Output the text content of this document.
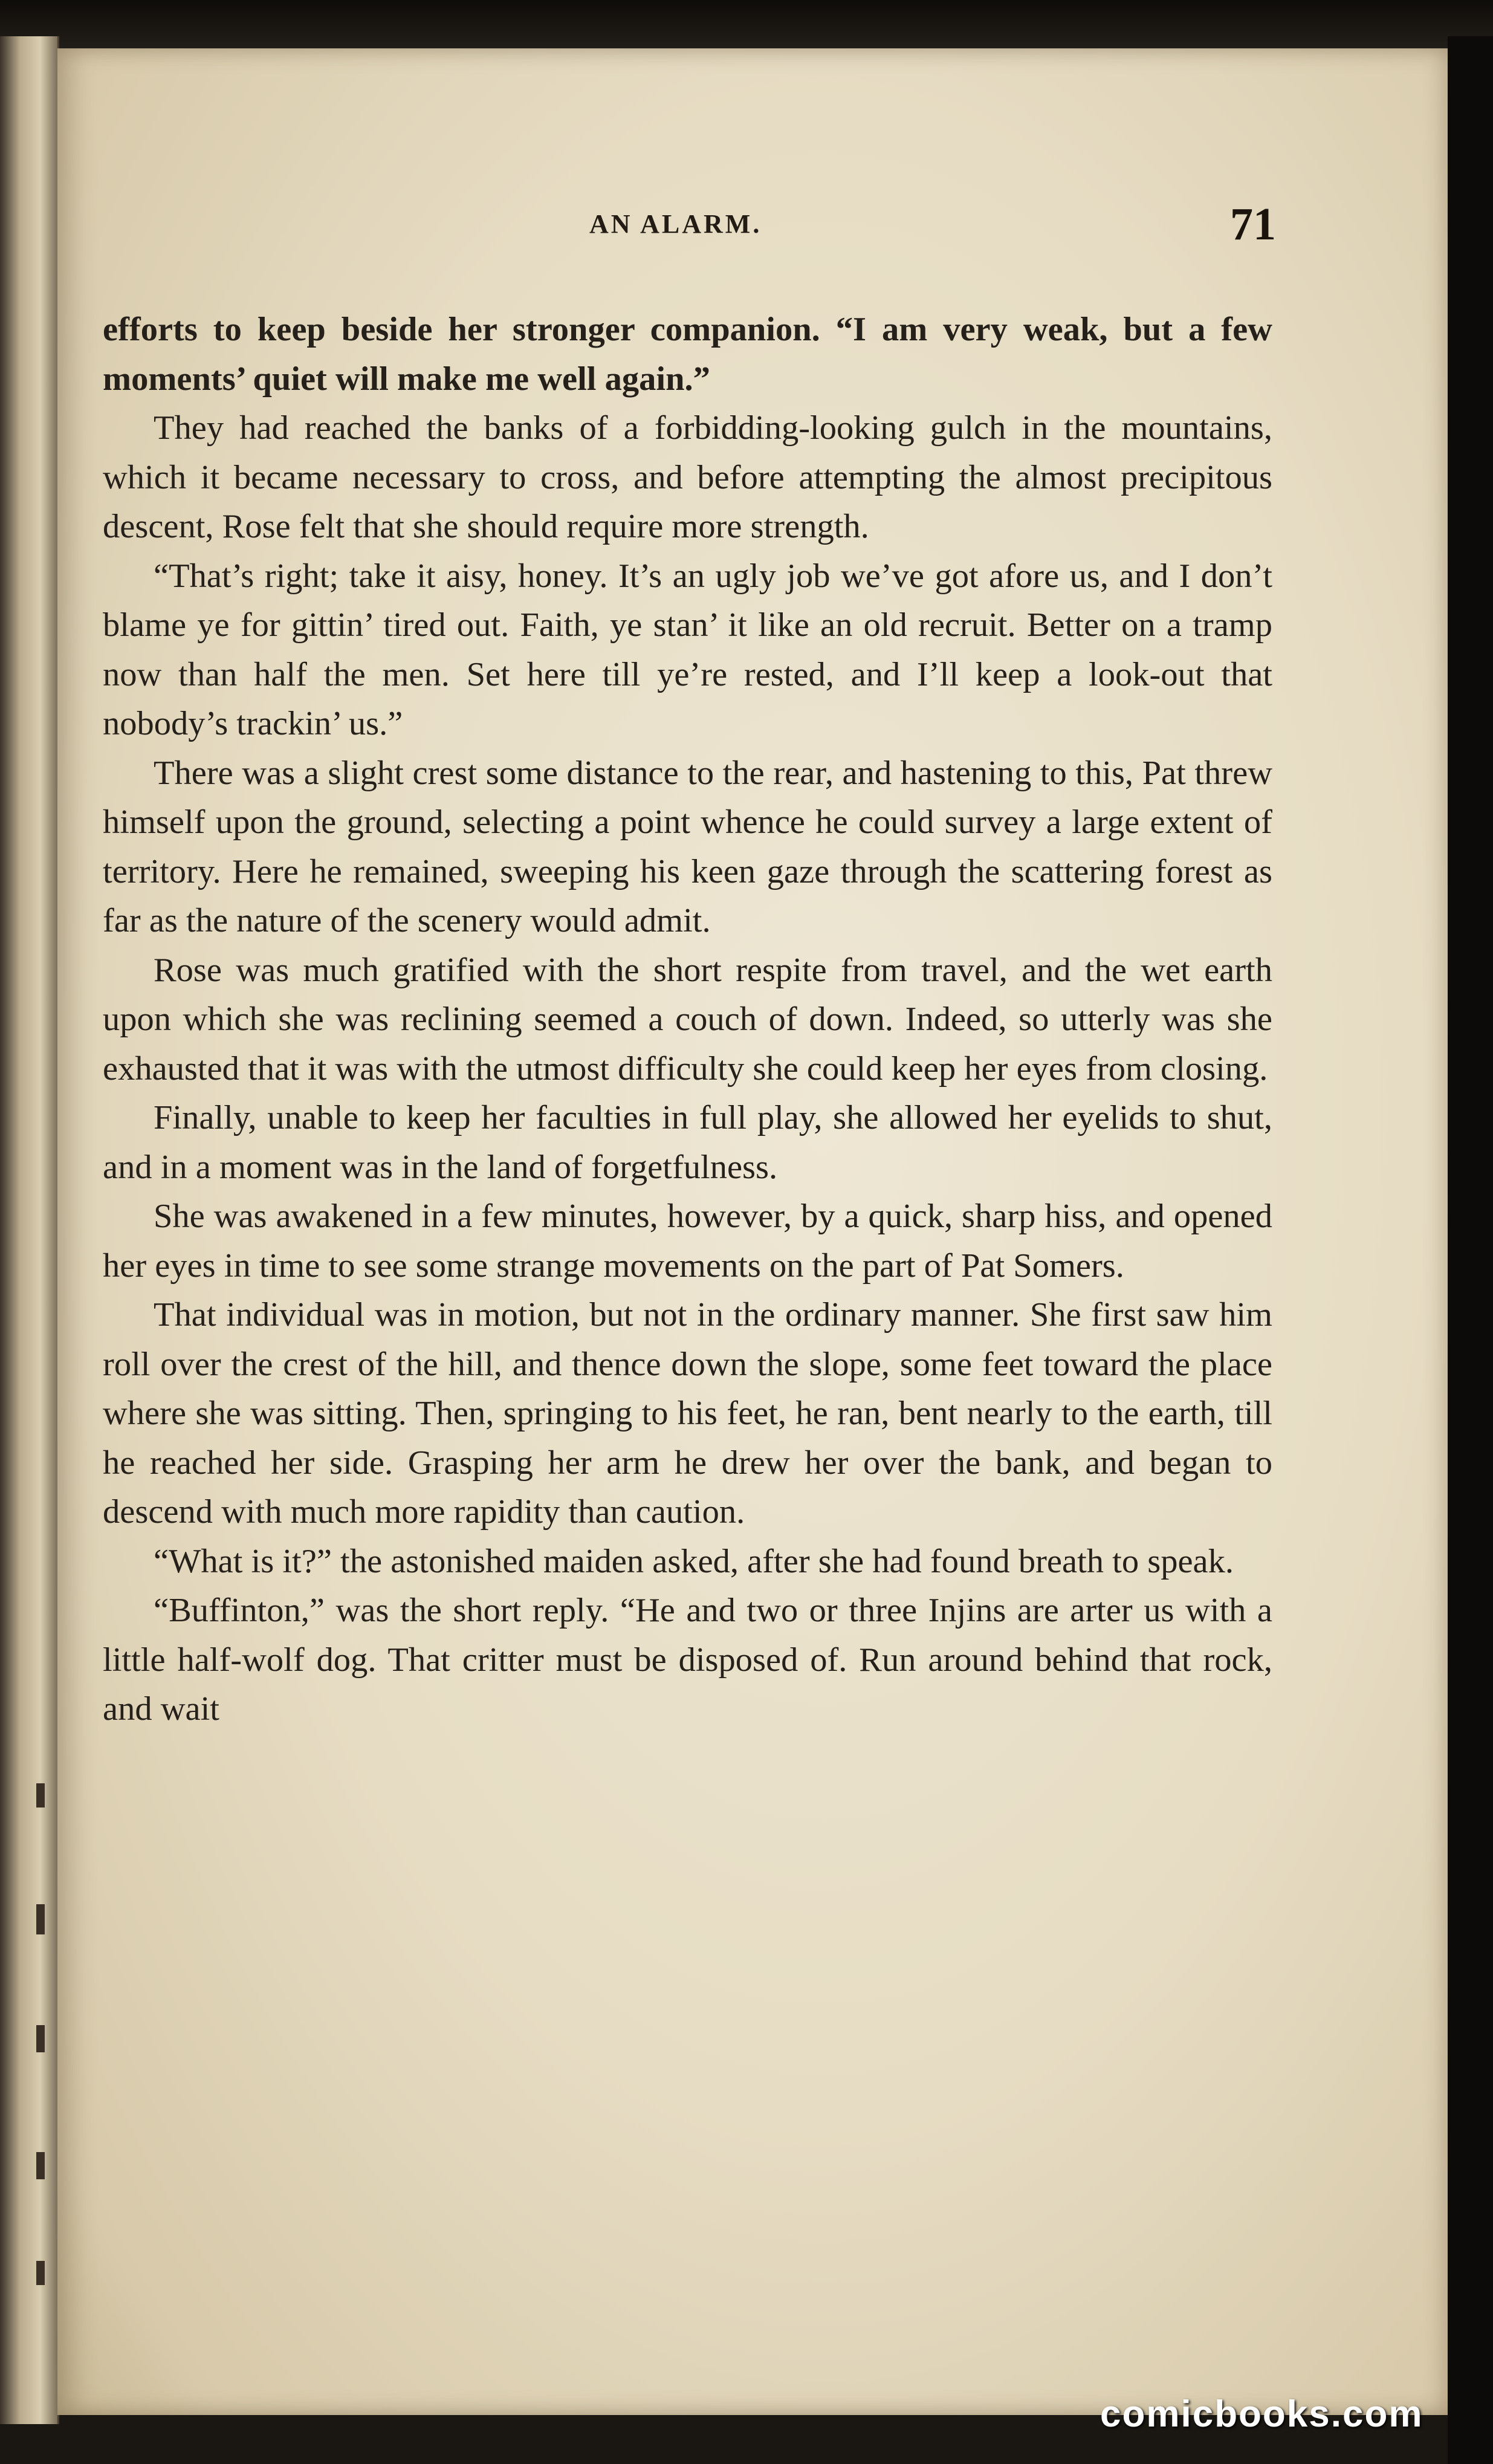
AN ALARM.	71

efforts to keep beside her stronger companion. “I am very weak, but a few moments’ quiet will make me well again.”

They had reached the banks of a forbidding-looking gulch in the mountains, which it became necessary to cross, and before attempting the almost precipitous descent, Rose felt that she should require more strength.

“That’s right; take it aisy, honey. It’s an ugly job we’ve got afore us, and I don’t blame ye for gittin’ tired out. Faith, ye stan’ it like an old recruit. Better on a tramp now than half the men. Set here till ye’re rested, and I’ll keep a look-out that nobody’s trackin’ us.”

There was a slight crest some distance to the rear, and hastening to this, Pat threw himself upon the ground, selecting a point whence he could survey a large extent of territory. Here he remained, sweeping his keen gaze through the scattering forest as far as the nature of the scenery would admit.

Rose was much gratified with the short respite from travel, and the wet earth upon which she was reclining seemed a couch of down. Indeed, so utterly was she exhausted that it was with the utmost difficulty she could keep her eyes from closing.

Finally, unable to keep her faculties in full play, she allowed her eyelids to shut, and in a moment was in the land of forgetfulness.

She was awakened in a few minutes, however, by a quick, sharp hiss, and opened her eyes in time to see some strange movements on the part of Pat Somers.

That individual was in motion, but not in the ordinary manner. She first saw him roll over the crest of the hill, and thence down the slope, some feet toward the place where she was sitting. Then, springing to his feet, he ran, bent nearly to the earth, till he reached her side. Grasping her arm he drew her over the bank, and began to descend with much more rapidity than caution.

“What is it?” the astonished maiden asked, after she had found breath to speak.

“Buffinton,” was the short reply. “He and two or three Injins are arter us with a little half-wolf dog. That critter must be disposed of. Run around behind that rock, and wait

comicbooks.com
